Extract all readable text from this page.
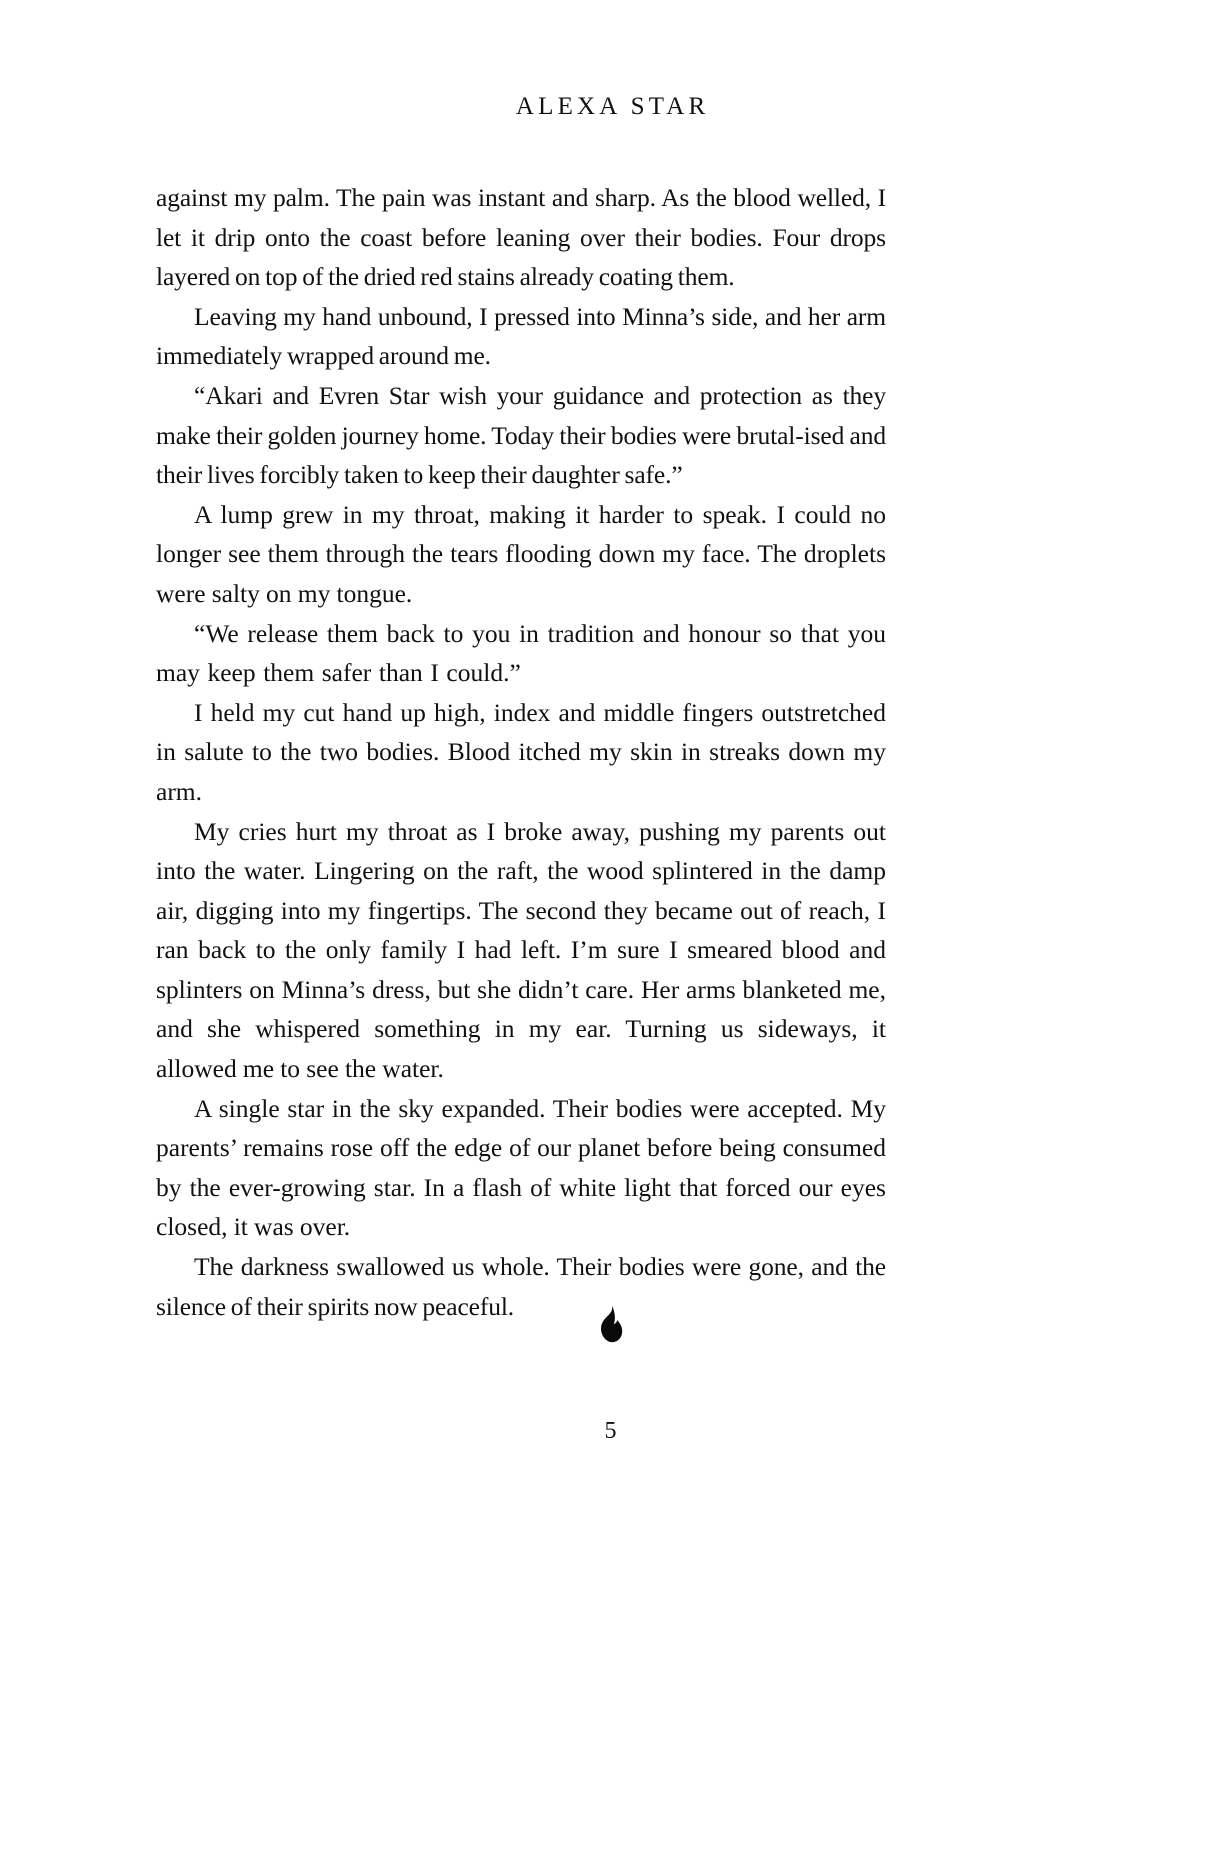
ALEXA STAR

against my palm. The pain was instant and sharp. As the blood welled, I let it drip onto the coast before leaning over their bodies. Four drops layered on top of the dried red stains already coating them.

Leaving my hand unbound, I pressed into Minna’s side, and her arm immediately wrapped around me.

“Akari and Evren Star wish your guidance and protection as they make their golden journey home. Today their bodies were brutal-ised and their lives forcibly taken to keep their daughter safe.”

A lump grew in my throat, making it harder to speak. I could no longer see them through the tears flooding down my face. The droplets were salty on my tongue.

“We release them back to you in tradition and honour so that you may keep them safer than I could.”

I held my cut hand up high, index and middle fingers outstretched in salute to the two bodies. Blood itched my skin in streaks down my arm.

My cries hurt my throat as I broke away, pushing my parents out into the water. Lingering on the raft, the wood splintered in the damp air, digging into my fingertips. The second they became out of reach, I ran back to the only family I had left. I’m sure I smeared blood and splinters on Minna’s dress, but she didn’t care. Her arms blanketed me, and she whispered something in my ear. Turning us sideways, it allowed me to see the water.

A single star in the sky expanded. Their bodies were accepted. My parents’ remains rose off the edge of our planet before being consumed by the ever-growing star. In a flash of white light that forced our eyes closed, it was over.

The darkness swallowed us whole. Their bodies were gone, and the silence of their spirits now peaceful.

5
